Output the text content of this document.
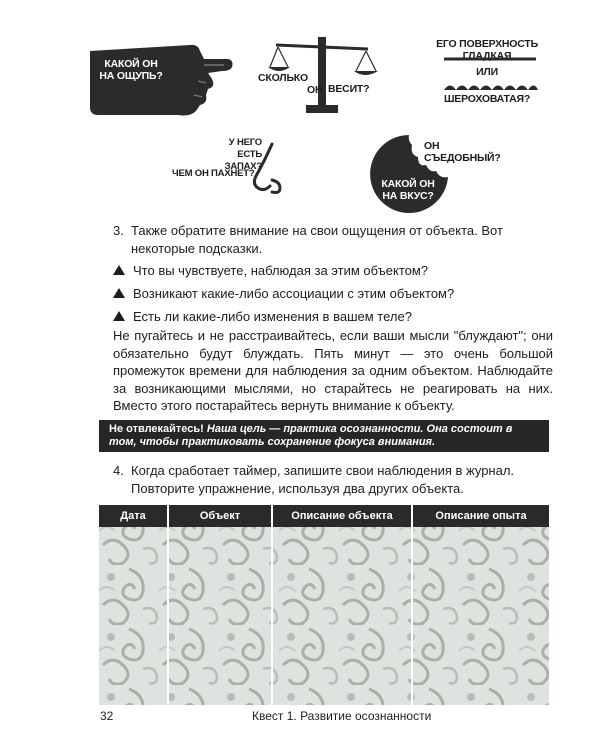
КАКОЙ ОН НА ОЩУПЬ?	СКОЛЬКО
ОН ВЕСИТ?
ЕГО ПОВЕРХНОСТЬ ГЛАДКАЯ
ИЛИ
ШЕРОХОВАТАЯ?
У НЕГО ЕСТЬ ЗАПАХ?
ЧЕМ ОН ПАХНЕТ?
ОН СЪЕДОБНЫЙ?
КАКОЙ ОН НА ВКУС?
3. Также обратите внимание на свои ощущения от объекта. Вот некоторые подсказки.
Что вы чувствуете, наблюдая за этим объектом?
Возникают какие-либо ассоциации с этим объектом?
Есть ли какие-либо изменения в вашем теле?
Не пугайтесь и не расстраивайтесь, если ваши мысли "блуждают"; они обязательно будут блуждать. Пять минут — это очень большой промежуток времени для наблюдения за одним объектом. Наблюдайте за возникающими мыслями, но старайтесь не реагировать на них. Вместо этого постарайтесь вернуть внимание к объекту.
Не отвлекайтесь! Наша цель — практика осознанности. Она состоит в том, чтобы практиковать сохранение фокуса внимания.
4. Когда сработает таймер, запишите свои наблюдения в журнал. Повторите упражнение, используя два других объекта.
Дата	Объект	Описание объекта	Описание опыта
32	Квест 1. Развитие осознанности
